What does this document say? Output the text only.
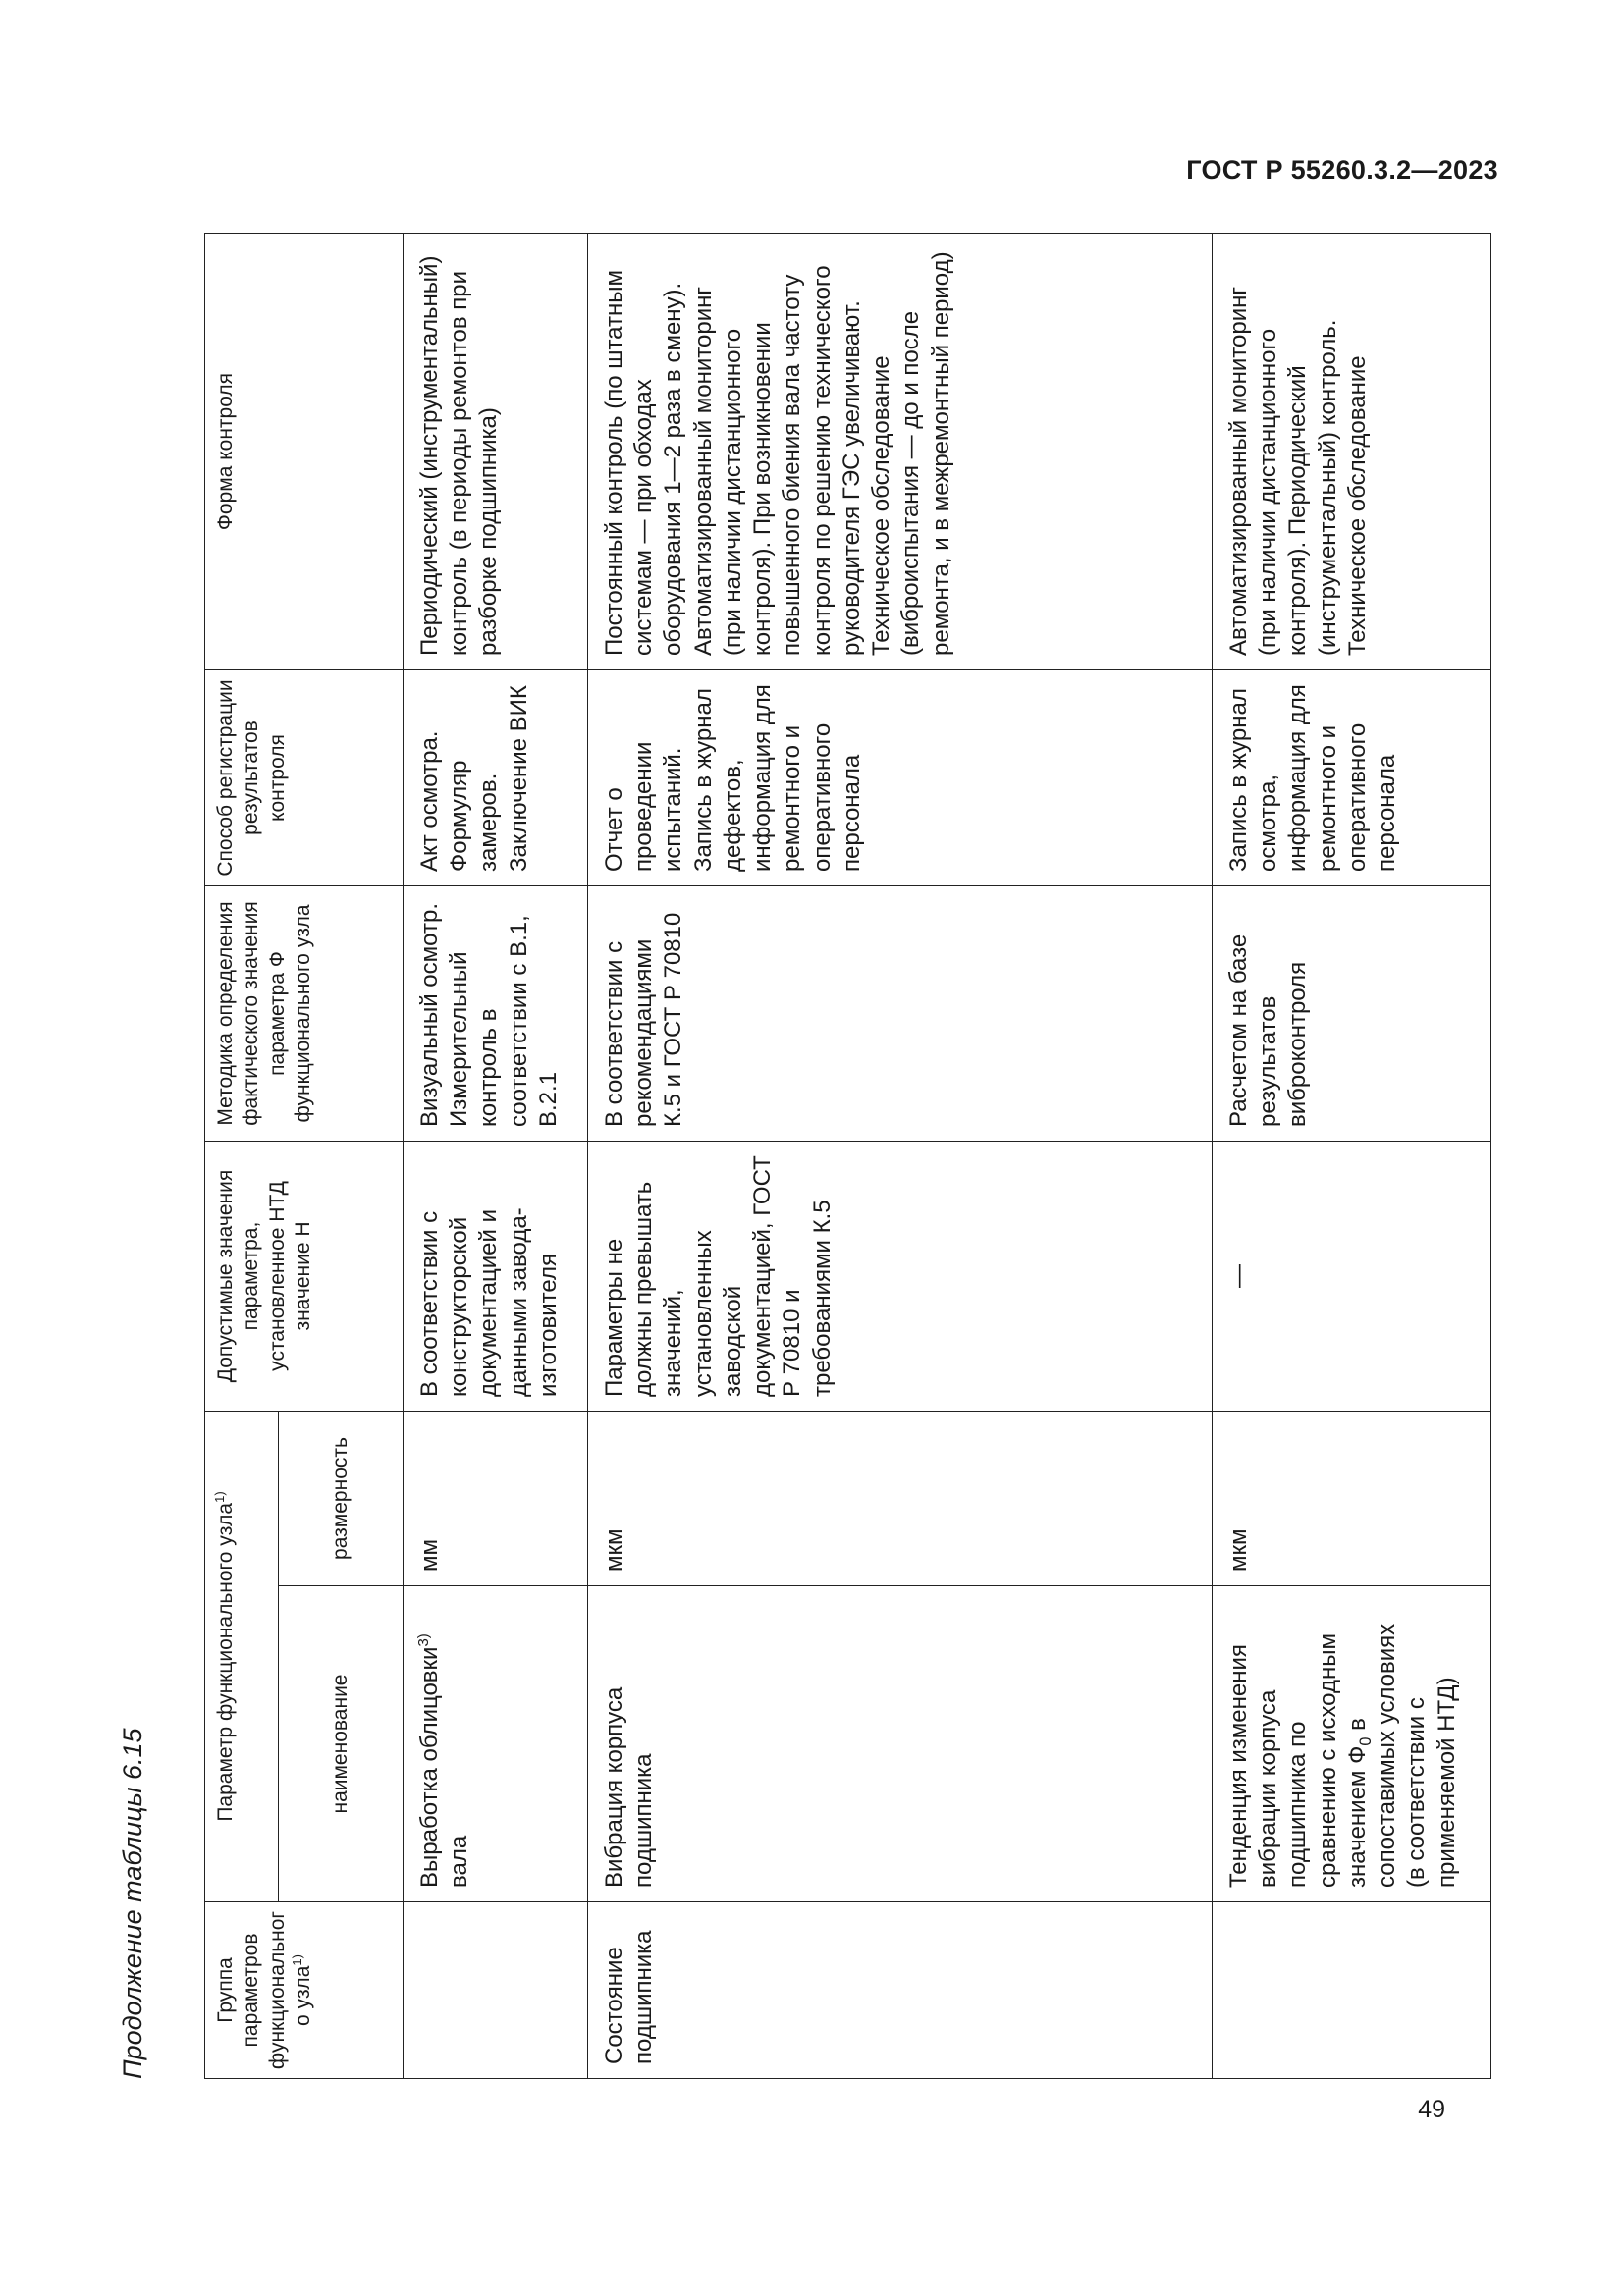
ГОСТ Р 55260.3.2—2023
49
Продолжение таблицы 6.15	Группа параметров функционального узла$^{1)}$	Параметр функционального узла$^{1)}$		Допустимые значения параметра, установленное НТД значение Н	Методика определения фактического значения параметра Ф функционального узла	Способ регистрации результатов контроля	Форма контроля
	наименование	размерность				
	Выработка облицовки$^{3)}$ вала	мм	В соответствии с конструкторской документацией и данными завода-изготовителя	Визуальный осмотр. Измерительный контроль в соответствии с В.1, В.2.1	Акт осмотра. Формуляр замеров. Заключение ВИК	Периодический (инструментальный) контроль (в периоды ремонтов при разборке подшипника)
Состояние подшипника	Вибрация корпуса подшипника	мкм	Параметры не должны превышать значений, установленных заводской документацией, ГОСТ Р 70810 и требованиями К.5	В соответствии с рекомендациями К.5 и ГОСТ Р 70810	Отчет о проведении испытаний. Запись в журнал дефектов, информация для ремонтного и оперативного персонала	Постоянный контроль (по штатным системам — при обходах оборудования 1—2 раза в смену). Автоматизированный мониторинг (при наличии дистанционного контроля). При возникновении повышенного биения вала частоту контроля по решению технического руководителя ГЭС увеличивают. Техническое обследование (виброиспытания — до и после ремонта, и в межремонтный период)
	Тенденция изменения вибрации корпуса подшипника по сравнению с исходным значением $Ф_0$ в сопоставимых условиях (в соответствии с применяемой НТД)	мкм	—	Расчетом на базе результатов виброконтроля	Запись в журнал осмотра, информация для ремонтного и оперативного персонала	Автоматизированный мониторинг (при наличии дистанционного контроля). Периодический (инструментальный) контроль. Техническое обследование
